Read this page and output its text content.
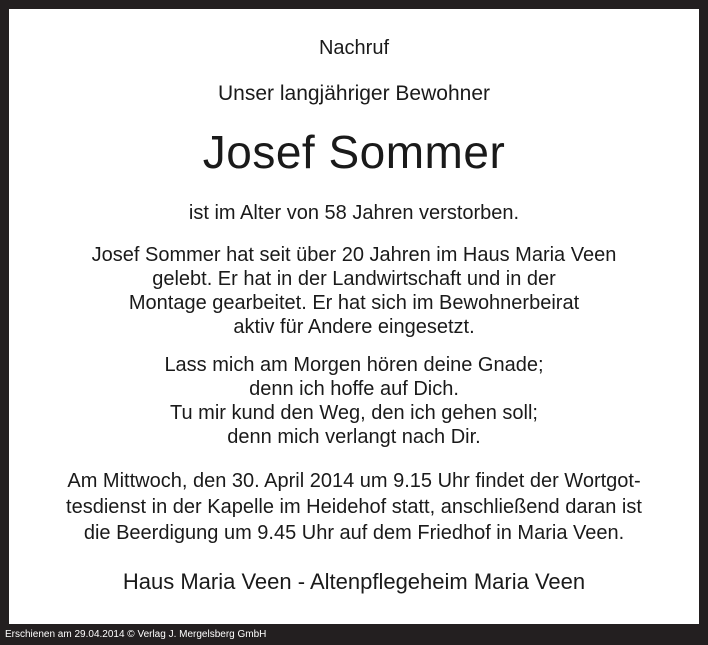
Nachruf
Unser langjähriger Bewohner
Josef Sommer
ist im Alter von 58 Jahren verstorben.
Josef Sommer hat seit über 20 Jahren im Haus Maria Veen
gelebt. Er hat in der Landwirtschaft und in der
Montage gearbeitet. Er hat sich im Bewohnerbeirat
aktiv für Andere eingesetzt.
Lass mich am Morgen hören deine Gnade;
denn ich hoffe auf Dich.
Tu mir kund den Weg, den ich gehen soll;
denn mich verlangt nach Dir.
Am Mittwoch, den 30. April 2014 um 9.15 Uhr findet der Wortgot-
tesdienst in der Kapelle im Heidehof statt, anschließend daran ist
die Beerdigung um 9.45 Uhr auf dem Friedhof in Maria Veen.
Haus Maria Veen - Altenpflegeheim Maria Veen
Erschienen am 29.04.2014 © Verlag J. Mergelsberg GmbH
